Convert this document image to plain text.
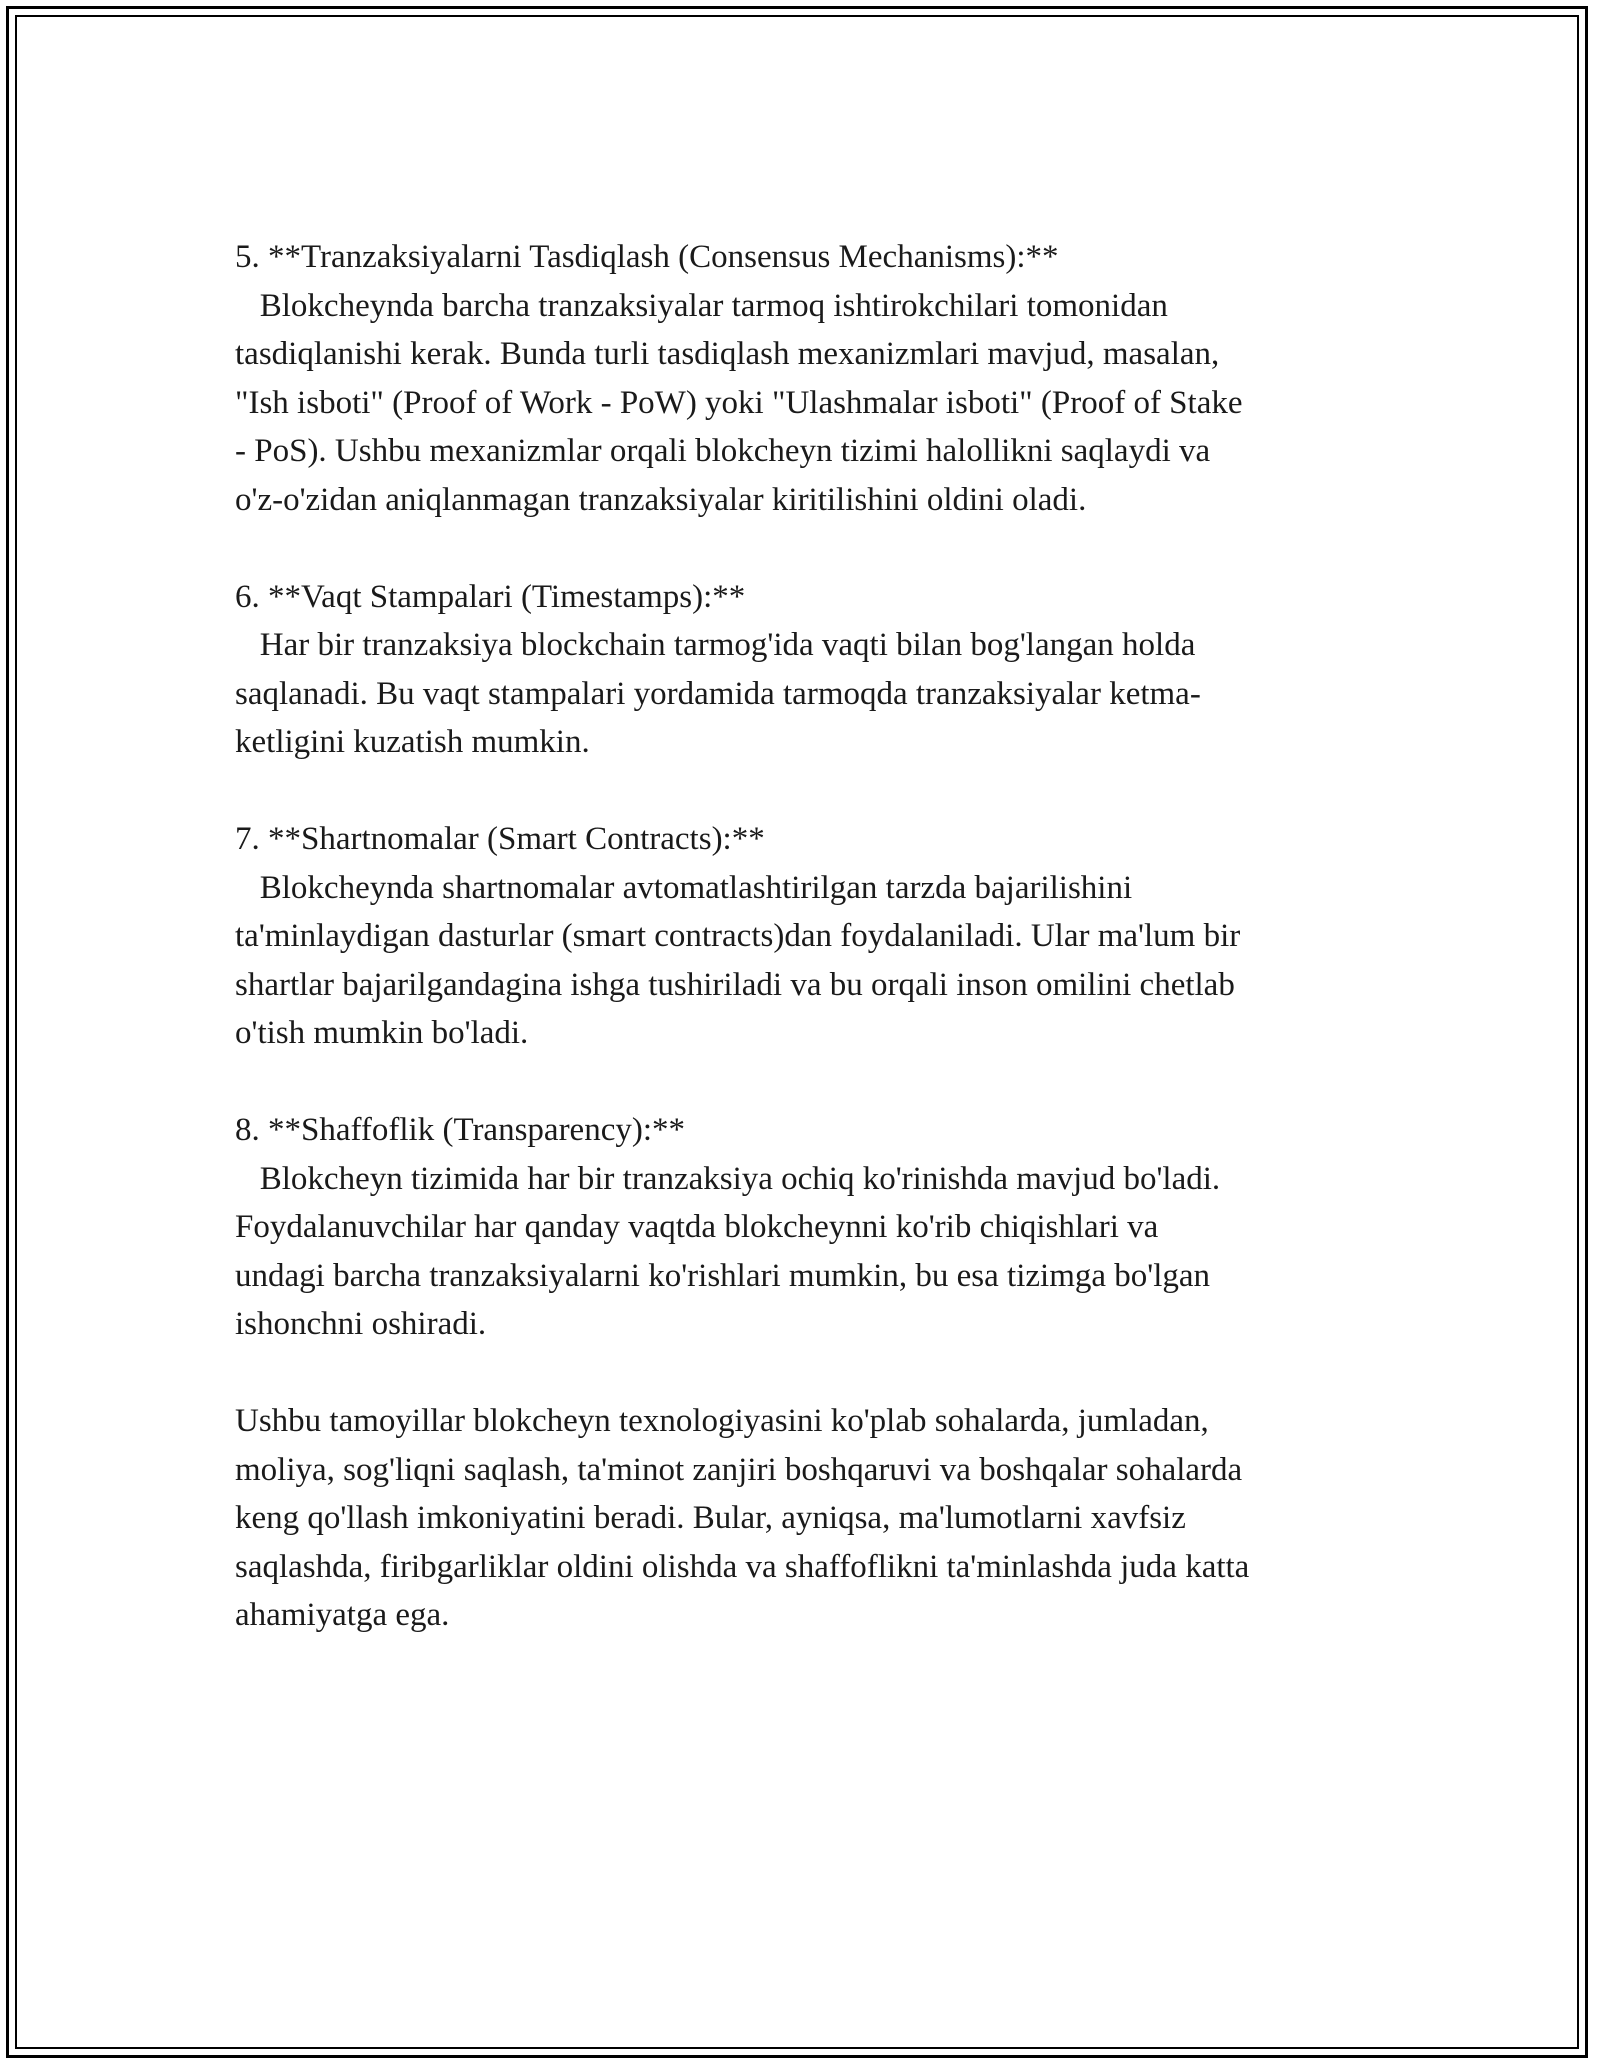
5. **Tranzaksiyalarni Tasdiqlash (Consensus Mechanisms):**

Blokcheynda barcha tranzaksiyalar tarmoq ishtirokchilari tomonidan
tasdiqlanishi kerak. Bunda turli tasdiqlash mexanizmlari mavjud, masalan,
"Ish isboti" (Proof of Work - PoW) yoki "Ulashmalar isboti" (Proof of Stake
- PoS). Ushbu mexanizmlar orqali blokcheyn tizimi halollikni saqlaydi va
o'z-o'zidan aniqlanmagan tranzaksiyalar kiritilishini oldini oladi.

6. **Vaqt Stampalari (Timestamps):**

Har bir tranzaksiya blockchain tarmog'ida vaqti bilan bog'langan holda
saqlanadi. Bu vaqt stampalari yordamida tarmoqda tranzaksiyalar ketma-
ketligini kuzatish mumkin.

7. **Shartnomalar (Smart Contracts):**

Blokcheynda shartnomalar avtomatlashtirilgan tarzda bajarilishini
ta'minlaydigan dasturlar (smart contracts)dan foydalaniladi. Ular ma'lum bir
shartlar bajarilgandagina ishga tushiriladi va bu orqali inson omilini chetlab
o'tish mumkin bo'ladi.

8. **Shaffoflik (Transparency):**

Blokcheyn tizimida har bir tranzaksiya ochiq ko'rinishda mavjud bo'ladi.
Foydalanuvchilar har qanday vaqtda blokcheynni ko'rib chiqishlari va
undagi barcha tranzaksiyalarni ko'rishlari mumkin, bu esa tizimga bo'lgan
ishonchni oshiradi.

Ushbu tamoyillar blokcheyn texnologiyasini ko'plab sohalarda, jumladan,
moliya, sog'liqni saqlash, ta'minot zanjiri boshqaruvi va boshqalar sohalarda
keng qo'llash imkoniyatini beradi. Bular, ayniqsa, ma'lumotlarni xavfsiz
saqlashda, firibgarliklar oldini olishda va shaffoflikni ta'minlashda juda katta
ahamiyatga ega.
